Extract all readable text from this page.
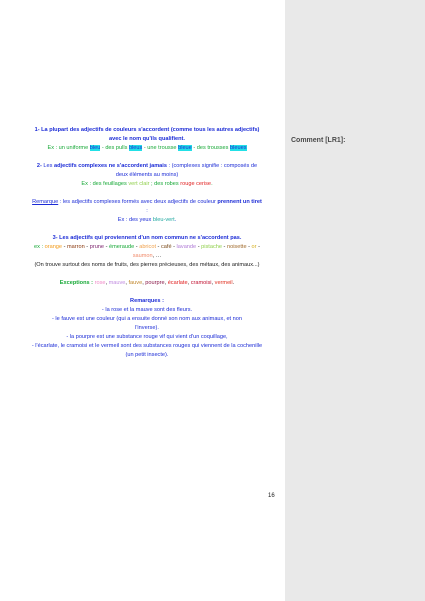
Comment [LR1]:

1- La plupart des adjectifs de couleurs s'accordent (comme tous les autres adjectifs)

avec le nom qu'ils qualifient.

Ex : un uniforme bleu - des pulls bleus - une trousse bleue - des trousses bleues

2- Les adjectifs complexes ne s'accordent jamais : (complexes signifie : composés de

deux éléments au moins)

Ex : des feuillages vert clair ; des robes rouge cerise.

Remarque : les adjectifs complexes formés avec deux adjectifs de couleur prennent un tiret

:

Ex : des yeux bleu-vert.

3- Les adjectifs qui proviennent d'un nom commun ne s'accordent pas.

ex : orange - marron - prune - émeraude - abricot - café - lavande - pistache - noisette - or -

saumon, …

(On trouve surtout des noms de fruits, des pierres précieuses, des métaux, des animaux...)

Exceptions : rose, mauve, fauve, pourpre, écarlate, cramoisi, vermeil.

Remarques :

- la rose et la mauve sont des fleurs.

- le fauve est une couleur (qui a ensuite donné son nom aux animaux, et non

l'inverse).

- la pourpre est une substance rouge vif qui vient d'un coquillage,

- l'écarlate, le cramoisi et le vermeil sont des substances rouges qui viennent de la cochenille

(un petit insecte).

16
